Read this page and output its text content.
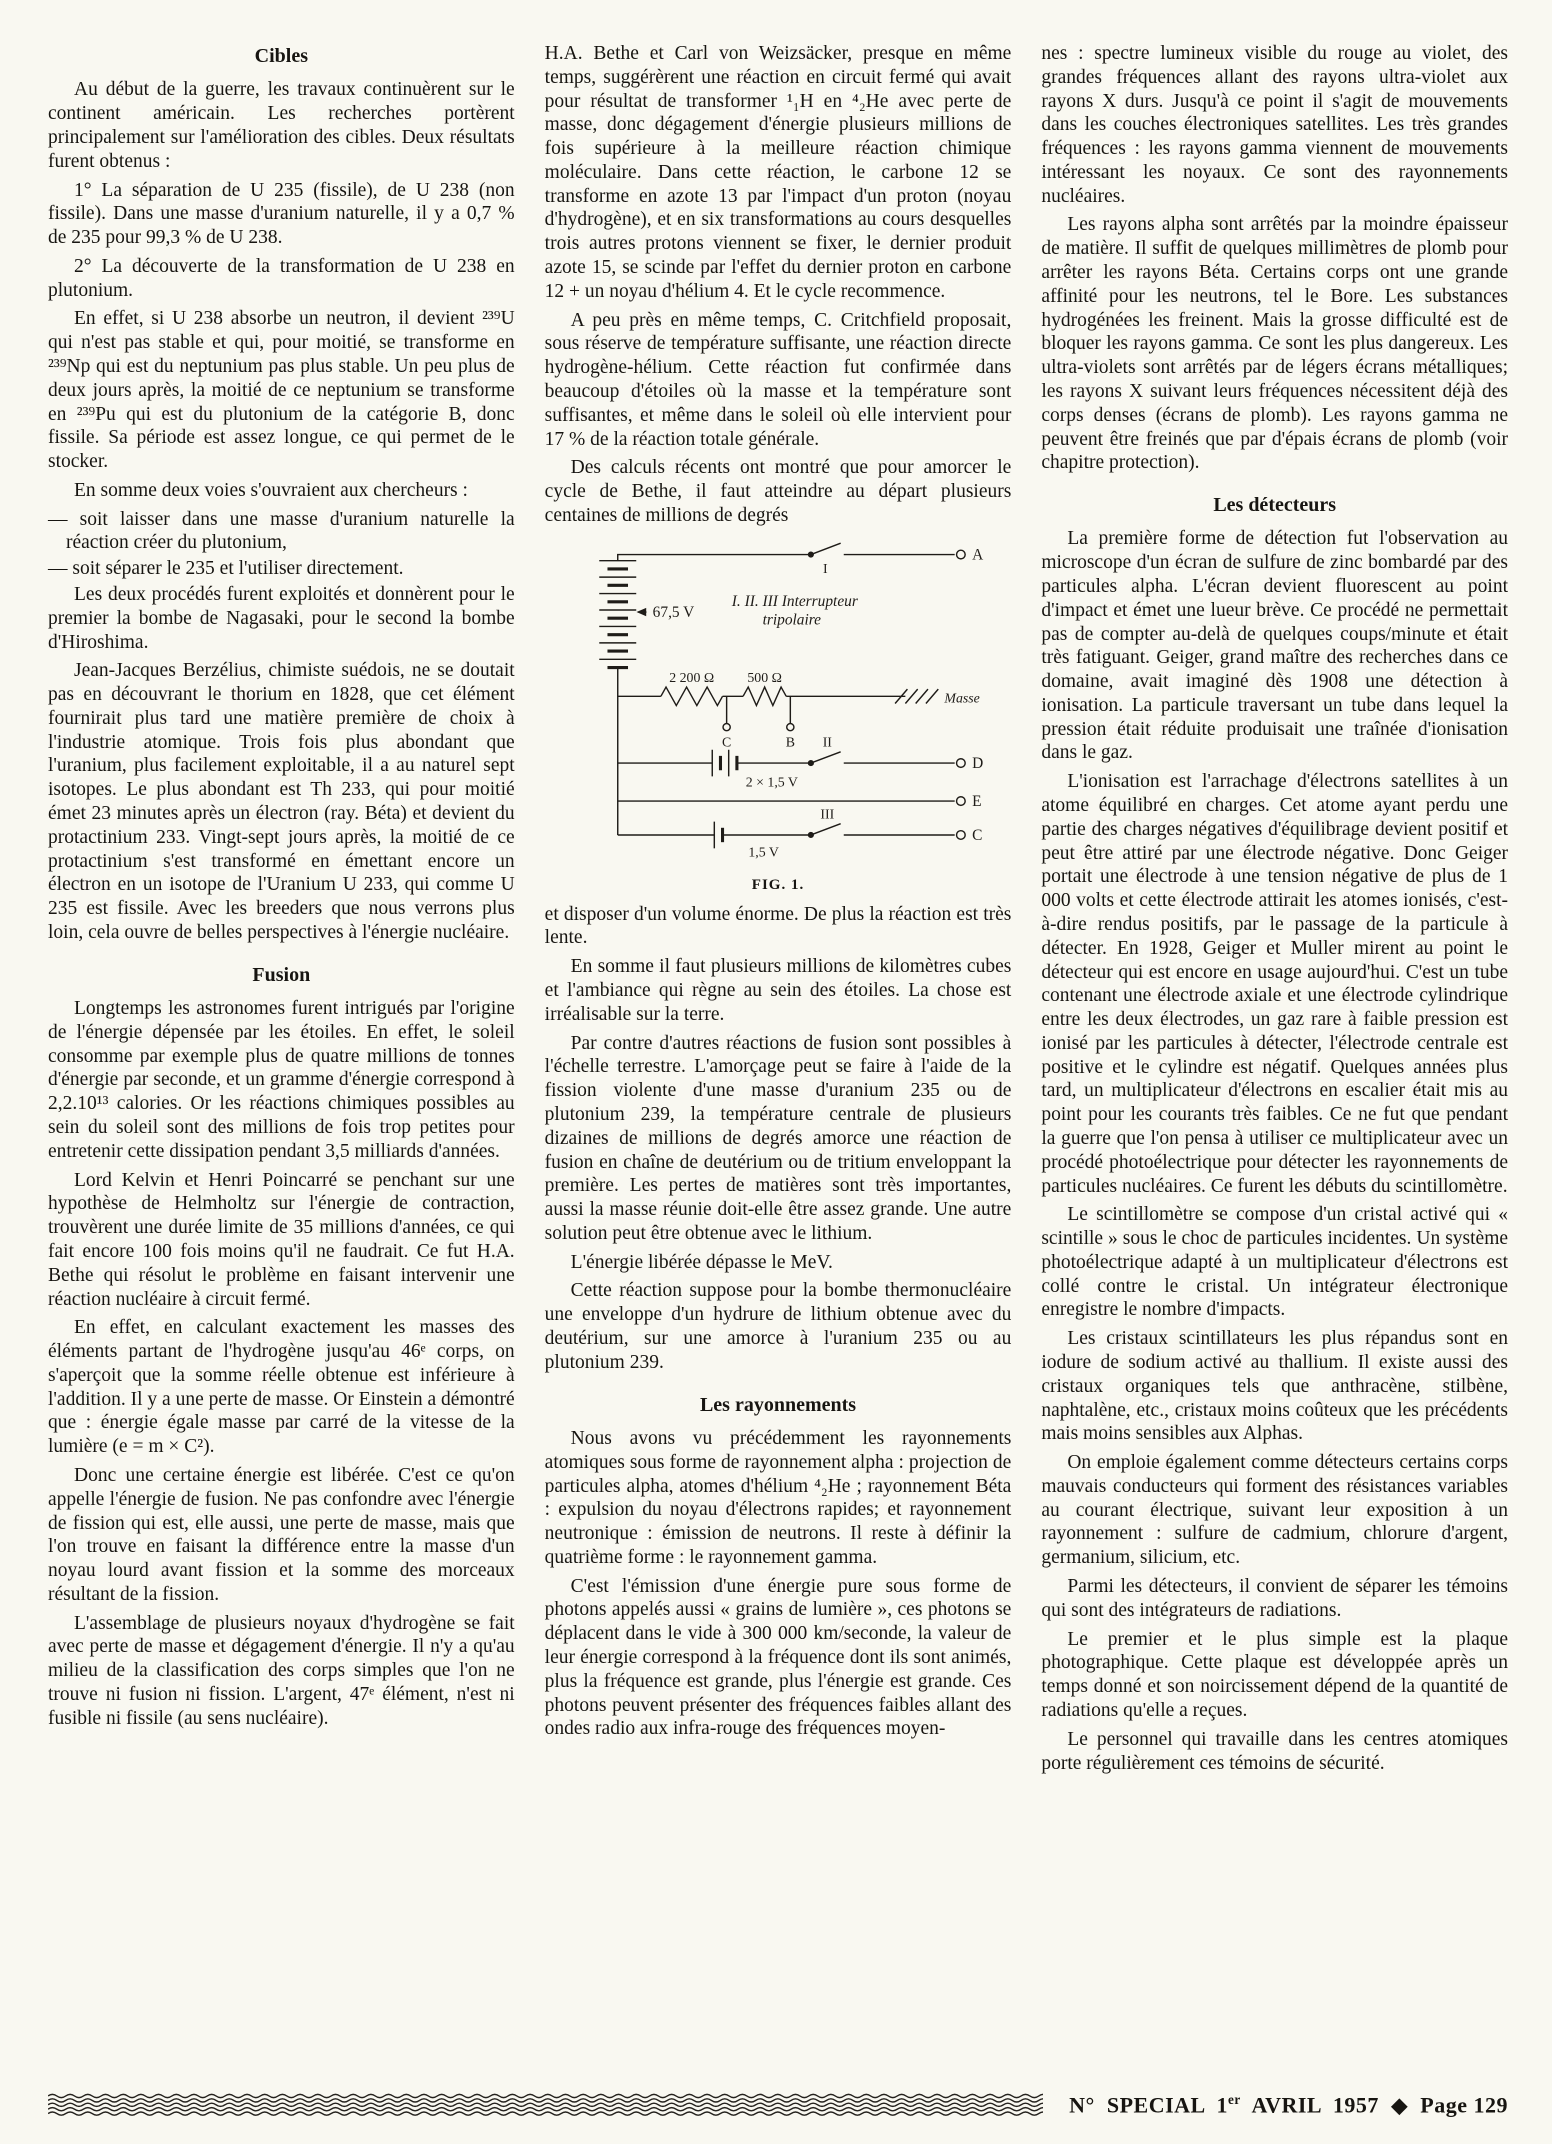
Cibles

Au début de la guerre, les travaux continuèrent sur le continent américain. Les recherches portèrent principalement sur l'amélioration des cibles. Deux résultats furent obtenus :

1° La séparation de U 235 (fissile), de U 238 (non fissile). Dans une masse d'uranium naturelle, il y a 0,7 % de 235 pour 99,3 % de U 238.

2° La découverte de la transformation de U 238 en plutonium.

En effet, si U 238 absorbe un neutron, il devient ²³⁹U qui n'est pas stable et qui, pour moitié, se transforme en ²³⁹Np qui est du neptunium pas plus stable. Un peu plus de deux jours après, la moitié de ce neptunium se transforme en ²³⁹Pu qui est du plutonium de la catégorie B, donc fissile. Sa période est assez longue, ce qui permet de le stocker.

En somme deux voies s'ouvraient aux chercheurs :

— soit laisser dans une masse d'uranium naturelle la réaction créer du plutonium,

— soit séparer le 235 et l'utiliser directement.

Les deux procédés furent exploités et donnèrent pour le premier la bombe de Nagasaki, pour le second la bombe d'Hiroshima.

Jean-Jacques Berzélius, chimiste suédois, ne se doutait pas en découvrant le thorium en 1828, que cet élément fournirait plus tard une matière première de choix à l'industrie atomique. Trois fois plus abondant que l'uranium, plus facilement exploitable, il a au naturel sept isotopes. Le plus abondant est Th 233, qui pour moitié émet 23 minutes après un électron (ray. Béta) et devient du protactinium 233. Vingt-sept jours après, la moitié de ce protactinium s'est transformé en émettant encore un électron en un isotope de l'Uranium U 233, qui comme U 235 est fissile. Avec les breeders que nous verrons plus loin, cela ouvre de belles perspectives à l'énergie nucléaire.

Fusion

Longtemps les astronomes furent intrigués par l'origine de l'énergie dépensée par les étoiles. En effet, le soleil consomme par exemple plus de quatre millions de tonnes d'énergie par seconde, et un gramme d'énergie correspond à 2,2.10¹³ calories. Or les réactions chimiques possibles au sein du soleil sont des millions de fois trop petites pour entretenir cette dissipation pendant 3,5 milliards d'années.

Lord Kelvin et Henri Poincarré se penchant sur une hypothèse de Helmholtz sur l'énergie de contraction, trouvèrent une durée limite de 35 millions d'années, ce qui fait encore 100 fois moins qu'il ne faudrait. Ce fut H.A. Bethe qui résolut le problème en faisant intervenir une réaction nucléaire à circuit fermé.

En effet, en calculant exactement les masses des éléments partant de l'hydrogène jusqu'au 46ᵉ corps, on s'aperçoit que la somme réelle obtenue est inférieure à l'addition. Il y a une perte de masse. Or Einstein a démontré que : énergie égale masse par carré de la vitesse de la lumière (e = m × C²).

Donc une certaine énergie est libérée. C'est ce qu'on appelle l'énergie de fusion. Ne pas confondre avec l'énergie de fission qui est, elle aussi, une perte de masse, mais que l'on trouve en faisant la différence entre la masse d'un noyau lourd avant fission et la somme des morceaux résultant de la fission.

L'assemblage de plusieurs noyaux d'hydrogène se fait avec perte de masse et dégagement d'énergie. Il n'y a qu'au milieu de la classification des corps simples que l'on ne trouve ni fusion ni fission. L'argent, 47ᵉ élément, n'est ni fusible ni fissile (au sens nucléaire).

H.A. Bethe et Carl von Weizsäcker, presque en même temps, suggérèrent une réaction en circuit fermé qui avait pour résultat de transformer ¹₁H en ⁴₂He avec perte de masse, donc dégagement d'énergie plusieurs millions de fois supérieure à la meilleure réaction chimique moléculaire. Dans cette réaction, le carbone 12 se transforme en azote 13 par l'impact d'un proton (noyau d'hydrogène), et en six transformations au cours desquelles trois autres protons viennent se fixer, le dernier produit azote 15, se scinde par l'effet du dernier proton en carbone 12 + un noyau d'hélium 4. Et le cycle recommence.

A peu près en même temps, C. Critchfield proposait, sous réserve de température suffisante, une réaction directe hydrogène-hélium. Cette réaction fut confirmée dans beaucoup d'étoiles où la masse et la température sont suffisantes, et même dans le soleil où elle intervient pour 17 % de la réaction totale générale.

Des calculs récents ont montré que pour amorcer le cycle de Bethe, il faut atteindre au départ plusieurs centaines de millions de degrés

67,5 V
I. II. III Interrupteur
tripolaire
2 200 Ω 500 Ω
Masse
C	B
2 × 1,5 V
1,5 V
I
II
III
A
D
E
C
FIG. 1.

et disposer d'un volume énorme. De plus la réaction est très lente.

En somme il faut plusieurs millions de kilomètres cubes et l'ambiance qui règne au sein des étoiles. La chose est irréalisable sur la terre.

Par contre d'autres réactions de fusion sont possibles à l'échelle terrestre. L'amorçage peut se faire à l'aide de la fission violente d'une masse d'uranium 235 ou de plutonium 239, la température centrale de plusieurs dizaines de millions de degrés amorce une réaction de fusion en chaîne de deutérium ou de tritium enveloppant la première. Les pertes de matières sont très importantes, aussi la masse réunie doit-elle être assez grande. Une autre solution peut être obtenue avec le lithium.

L'énergie libérée dépasse le MeV.

Cette réaction suppose pour la bombe thermonucléaire une enveloppe d'un hydrure de lithium obtenue avec du deutérium, sur une amorce à l'uranium 235 ou au plutonium 239.

Les rayonnements

Nous avons vu précédemment les rayonnements atomiques sous forme de rayonnement alpha : projection de particules alpha, atomes d'hélium ⁴₂He ; rayonnement Béta : expulsion du noyau d'électrons rapides; et rayonnement neutronique : émission de neutrons. Il reste à définir la quatrième forme : le rayonnement gamma.

C'est l'émission d'une énergie pure sous forme de photons appelés aussi « grains de lumière », ces photons se déplacent dans le vide à 300 000 km/seconde, la valeur de leur énergie correspond à la fréquence dont ils sont animés, plus la fréquence est grande, plus l'énergie est grande. Ces photons peuvent présenter des fréquences faibles allant des ondes radio aux infra-rouge des fréquences moyen-

nes : spectre lumineux visible du rouge au violet, des grandes fréquences allant des rayons ultra-violet aux rayons X durs. Jusqu'à ce point il s'agit de mouvements dans les couches électroniques satellites. Les très grandes fréquences : les rayons gamma viennent de mouvements intéressant les noyaux. Ce sont des rayonnements nucléaires.

Les rayons alpha sont arrêtés par la moindre épaisseur de matière. Il suffit de quelques millimètres de plomb pour arrêter les rayons Béta. Certains corps ont une grande affinité pour les neutrons, tel le Bore. Les substances hydrogénées les freinent. Mais la grosse difficulté est de bloquer les rayons gamma. Ce sont les plus dangereux. Les ultra-violets sont arrêtés par de légers écrans métalliques; les rayons X suivant leurs fréquences nécessitent déjà des corps denses (écrans de plomb). Les rayons gamma ne peuvent être freinés que par d'épais écrans de plomb (voir chapitre protection).

Les détecteurs

La première forme de détection fut l'observation au microscope d'un écran de sulfure de zinc bombardé par des particules alpha. L'écran devient fluorescent au point d'impact et émet une lueur brève. Ce procédé ne permettait pas de compter au-delà de quelques coups/minute et était très fatiguant. Geiger, grand maître des recherches dans ce domaine, avait imaginé dès 1908 une détection à ionisation. La particule traversant un tube dans lequel la pression était réduite produisait une traînée d'ionisation dans le gaz.

L'ionisation est l'arrachage d'électrons satellites à un atome équilibré en charges. Cet atome ayant perdu une partie des charges négatives d'équilibrage devient positif et peut être attiré par une électrode négative. Donc Geiger portait une électrode à une tension négative de plus de 1 000 volts et cette électrode attirait les atomes ionisés, c'est-à-dire rendus positifs, par le passage de la particule à détecter. En 1928, Geiger et Muller mirent au point le détecteur qui est encore en usage aujourd'hui. C'est un tube contenant une électrode axiale et une électrode cylindrique entre les deux électrodes, un gaz rare à faible pression est ionisé par les particules à détecter, l'électrode centrale est positive et le cylindre est négatif. Quelques années plus tard, un multiplicateur d'électrons en escalier était mis au point pour les courants très faibles. Ce ne fut que pendant la guerre que l'on pensa à utiliser ce multiplicateur avec un procédé photoélectrique pour détecter les rayonnements de particules nucléaires. Ce furent les débuts du scintillomètre.

Le scintillomètre se compose d'un cristal activé qui « scintille » sous le choc de particules incidentes. Un système photoélectrique adapté à un multiplicateur d'électrons est collé contre le cristal. Un intégrateur électronique enregistre le nombre d'impacts.

Les cristaux scintillateurs les plus répandus sont en iodure de sodium activé au thallium. Il existe aussi des cristaux organiques tels que anthracène, stilbène, naphtalène, etc., cristaux moins coûteux que les précédents mais moins sensibles aux Alphas.

On emploie également comme détecteurs certains corps mauvais conducteurs qui forment des résistances variables au courant électrique, suivant leur exposition à un rayonnement : sulfure de cadmium, chlorure d'argent, germanium, silicium, etc.

Parmi les détecteurs, il convient de séparer les témoins qui sont des intégrateurs de radiations.

Le premier et le plus simple est la plaque photographique. Cette plaque est développée après un temps donné et son noircissement dépend de la quantité de radiations qu'elle a reçues.

Le personnel qui travaille dans les centres atomiques porte régulièrement ces témoins de sécurité.

N°  SPECIAL  1er  AVRIL  1957  ◆  Page 129
